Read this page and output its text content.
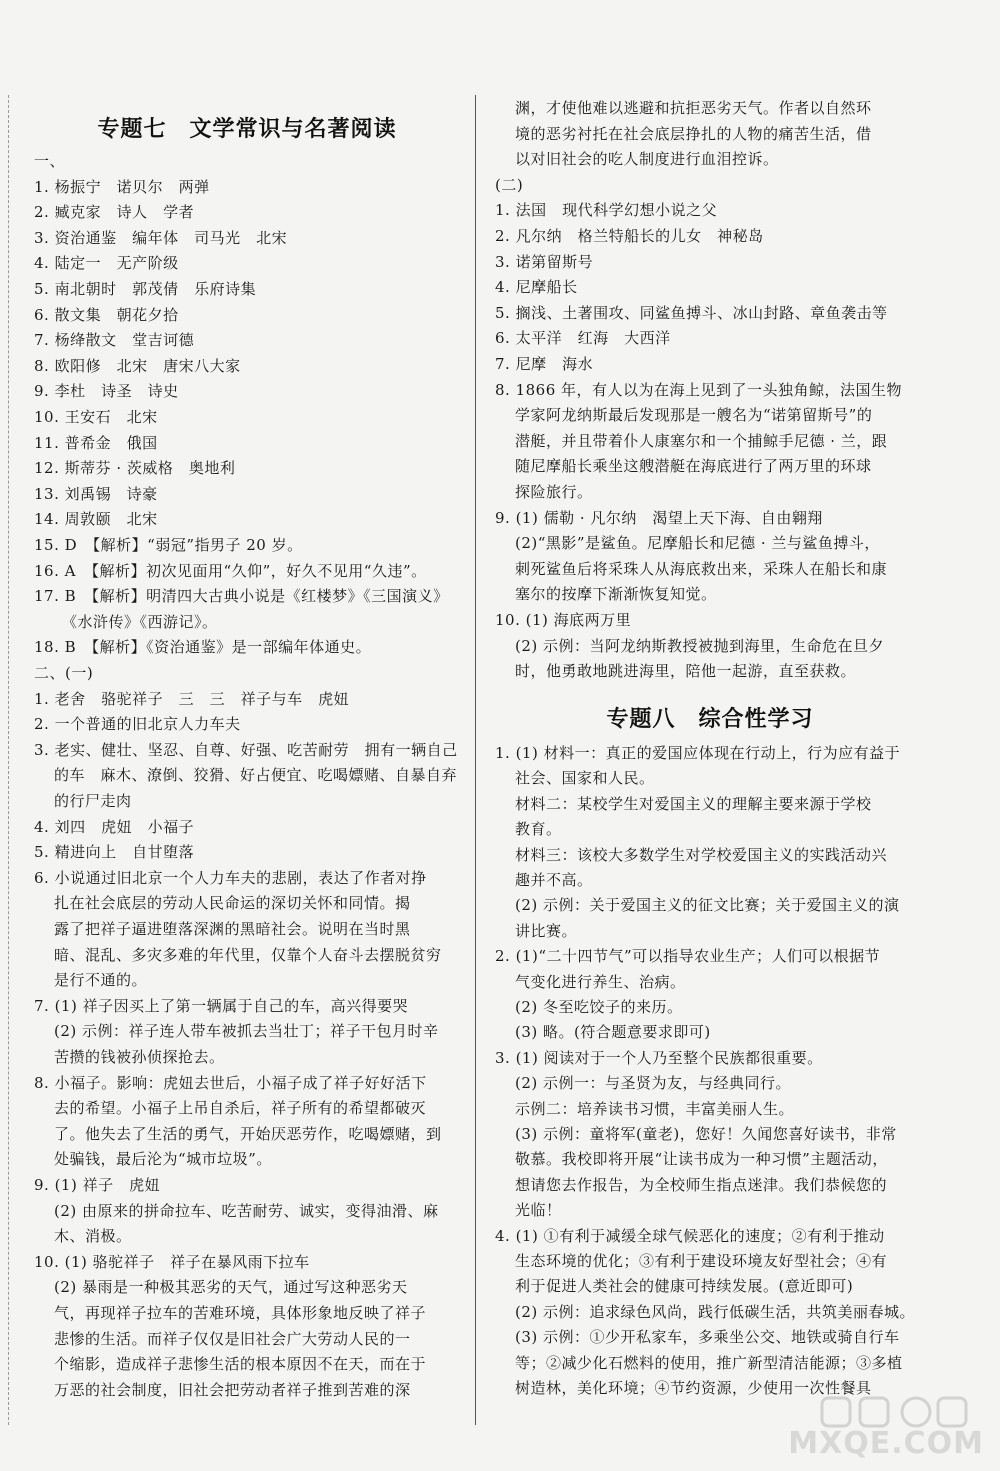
专题七　文学常识与名著阅读
一、
1. 杨振宁　诺贝尔　两弹
2. 臧克家　诗人　学者
3. 资治通鉴　编年体　司马光　北宋
4. 陆定一　无产阶级
5. 南北朝时　郭茂倩　乐府诗集
6. 散文集　朝花夕拾
7. 杨绛散文　堂吉诃德
8. 欧阳修　北宋　唐宋八大家
9. 李杜　诗圣　诗史
10. 王安石　北宋
11. 普希金　俄国
12. 斯蒂芬 · 茨威格　奥地利
13. 刘禹锡　诗豪
14. 周敦颐　北宋
15. D　【解析】“弱冠”指男子 20 岁。
16. A　【解析】初次见面用“久仰”，好久不见用“久违”。
17. B　【解析】明清四大古典小说是《红楼梦》《三国演义》
《水浒传》《西游记》。
18. B　【解析】《资治通鉴》是一部编年体通史。
二、(一)
1. 老舍　骆驼祥子　三　三　祥子与车　虎妞
2. 一个普通的旧北京人力车夫
3. 老实、健壮、坚忍、自尊、好强、吃苦耐劳　拥有一辆自己
的车　麻木、潦倒、狡猾、好占便宜、吃喝嫖赌、自暴自弃
的行尸走肉
4. 刘四　虎妞　小福子
5. 精进向上　自甘堕落
6. 小说通过旧北京一个人力车夫的悲剧，表达了作者对挣
扎在社会底层的劳动人民命运的深切关怀和同情。揭
露了把祥子逼进堕落深渊的黑暗社会。说明在当时黑
暗、混乱、多灾多难的年代里，仅靠个人奋斗去摆脱贫穷
是行不通的。
7. (1) 祥子因买上了第一辆属于自己的车，高兴得要哭
(2) 示例：祥子连人带车被抓去当壮丁；祥子干包月时辛
苦攒的钱被孙侦探抢去。
8. 小福子。影响：虎妞去世后，小福子成了祥子好好活下
去的希望。小福子上吊自杀后，祥子所有的希望都破灭
了。他失去了生活的勇气，开始厌恶劳作，吃喝嫖赌，到
处骗钱，最后沦为“城市垃圾”。
9. (1) 祥子　虎妞
(2) 由原来的拼命拉车、吃苦耐劳、诚实，变得油滑、麻
木、消极。
10. (1) 骆驼祥子　祥子在暴风雨下拉车
(2) 暴雨是一种极其恶劣的天气，通过写这种恶劣天
气，再现祥子拉车的苦难环境，具体形象地反映了祥子
悲惨的生活。而祥子仅仅是旧社会广大劳动人民的一
个缩影，造成祥子悲惨生活的根本原因不在天，而在于
万恶的社会制度，旧社会把劳动者祥子推到苦难的深
渊，才使他难以逃避和抗拒恶劣天气。作者以自然环
境的恶劣衬托在社会底层挣扎的人物的痛苦生活，借
以对旧社会的吃人制度进行血泪控诉。
(二)
1. 法国　现代科学幻想小说之父
2. 凡尔纳　格兰特船长的儿女　神秘岛
3. 诺第留斯号
4. 尼摩船长
5. 搁浅、土著围攻、同鲨鱼搏斗、冰山封路、章鱼袭击等
6. 太平洋　红海　大西洋
7. 尼摩　海水
8. 1866 年，有人以为在海上见到了一头独角鲸，法国生物
学家阿龙纳斯最后发现那是一艘名为“诺第留斯号”的
潜艇，并且带着仆人康塞尔和一个捕鲸手尼德 · 兰，跟
随尼摩船长乘坐这艘潜艇在海底进行了两万里的环球
探险旅行。
9. (1) 儒勒 · 凡尔纳　渴望上天下海、自由翱翔
(2)“黑影”是鲨鱼。尼摩船长和尼德 · 兰与鲨鱼搏斗，
刺死鲨鱼后将采珠人从海底救出来，采珠人在船长和康
塞尔的按摩下渐渐恢复知觉。
10. (1) 海底两万里
(2) 示例：当阿龙纳斯教授被抛到海里，生命危在旦夕
时，他勇敢地跳进海里，陪他一起游，直至获救。
专题八　综合性学习
1. (1) 材料一：真正的爱国应体现在行动上，行为应有益于
社会、国家和人民。
材料二：某校学生对爱国主义的理解主要来源于学校
教育。
材料三：该校大多数学生对学校爱国主义的实践活动兴
趣并不高。
(2) 示例：关于爱国主义的征文比赛；关于爱国主义的演
讲比赛。
2. (1)“二十四节气”可以指导农业生产；人们可以根据节
气变化进行养生、治病。
(2) 冬至吃饺子的来历。
(3) 略。(符合题意要求即可)
3. (1) 阅读对于一个人乃至整个民族都很重要。
(2) 示例一：与圣贤为友，与经典同行。
示例二：培养读书习惯，丰富美丽人生。
(3) 示例：童将军(童老)，您好！久闻您喜好读书，非常
敬慕。我校即将开展“让读书成为一种习惯”主题活动，
想请您去作报告，为全校师生指点迷津。我们恭候您的
光临！
4. (1) ①有利于减缓全球气候恶化的速度；②有利于推动
生态环境的优化；③有利于建设环境友好型社会；④有
利于促进人类社会的健康可持续发展。(意近即可)
(2) 示例：追求绿色风尚，践行低碳生活，共筑美丽春城。
(3) 示例：①少开私家车，多乘坐公交、地铁或骑自行车
等；②减少化石燃料的使用，推广新型清洁能源；③多植
树造林，美化环境；④节约资源，少使用一次性餐具
MXQE.COM
